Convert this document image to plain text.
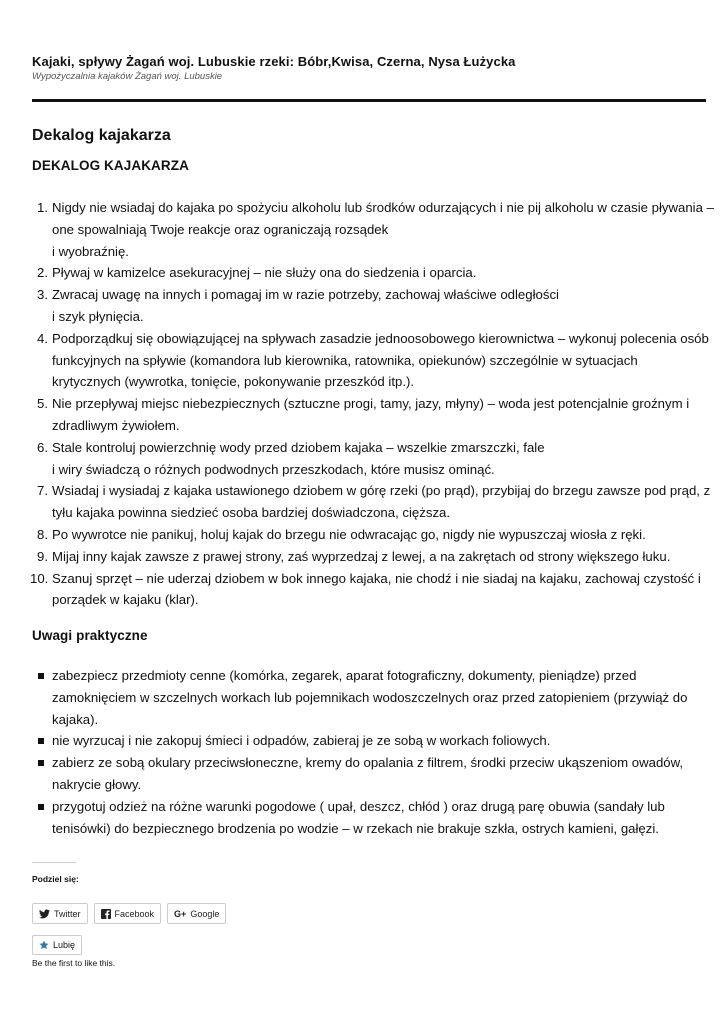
Kajaki, spływy Żagań woj. Lubuskie rzeki: Bóbr,Kwisa, Czerna, Nysa Łużycka
Wypożyczalnia kajaków Żagań woj. Lubuskie
Dekalog kajakarza
DEKALOG KAJAKARZA
1. Nigdy nie wsiadaj do kajaka po spożyciu alkoholu lub środków odurzających i nie pij alkoholu w czasie pływania –
one spowalniają Twoje reakcje oraz ograniczają rozsądek
i wyobraźnię.
2. Pływaj w kamizelce asekuracyjnej – nie służy ona do siedzenia i oparcia.
3. Zwracaj uwagę na innych i pomagaj im w razie potrzeby, zachowaj właściwe odległości
i szyk płynięcia.
4. Podporządkuj się obowiązującej na spływach zasadzie jednoosobowego kierownictwa – wykonuj polecenia osób
funkcyjnych na spływie (komandora lub kierownika, ratownika, opiekunów) szczególnie w sytuacjach
krytycznych (wywrotka, tonięcie, pokonywanie przeszkód itp.).
5. Nie przepływaj miejsc niebezpiecznych (sztuczne progi, tamy, jazy, młyny) – woda jest potencjalnie groźnym i
zdradliwym żywiołem.
6. Stale kontroluj powierzchnię wody przed dziobem kajaka – wszelkie zmarszczki, fale
i wiry świadczą o różnych podwodnych przeszkodach, które musisz ominąć.
7. Wsiadaj i wysiadaj z kajaka ustawionego dziobem w górę rzeki (po prąd), przybijaj do brzegu zawsze pod prąd, z
tyłu kajaka powinna siedzieć osoba bardziej doświadczona, cięższa.
8. Po wywrotce nie panikuj, holuj kajak do brzegu nie odwracając go, nigdy nie wypuszczaj wiosła z ręki.
9. Mijaj inny kajak zawsze z prawej strony, zaś wyprzedzaj z lewej, a na zakrętach od strony większego łuku.
10. Szanuj sprzęt – nie uderzaj dziobem w bok innego kajaka, nie chodź i nie siadaj na kajaku, zachowaj czystość i
porządek w kajaku (klar).
Uwagi praktyczne
zabezpiecz przedmioty cenne (komórka, zegarek, aparat fotograficzny, dokumenty, pieniądze) przed zamoknięciem w szczelnych workach lub pojemnikach wodoszczelnych oraz przed zatopieniem (przywiąż do kajaka).
nie wyrzucaj i nie zakopuj śmieci i odpadów, zabieraj je ze sobą w workach foliowych.
zabierz ze sobą okulary przeciwsłoneczne, kremy do opalania z filtrem, środki przeciw ukąszeniom owadów, nakrycie głowy.
przygotuj odzież na różne warunki pogodowe ( upał, deszcz, chłód ) oraz drugą parę obuwia (sandały lub tenisówki) do bezpiecznego brodzenia po wodzie – w rzekach nie brakuje szkła, ostrych kamieni, gałęzi.
Podziel się:
Twitter	Facebook G+ Google
Lubię
Be the first to like this.
